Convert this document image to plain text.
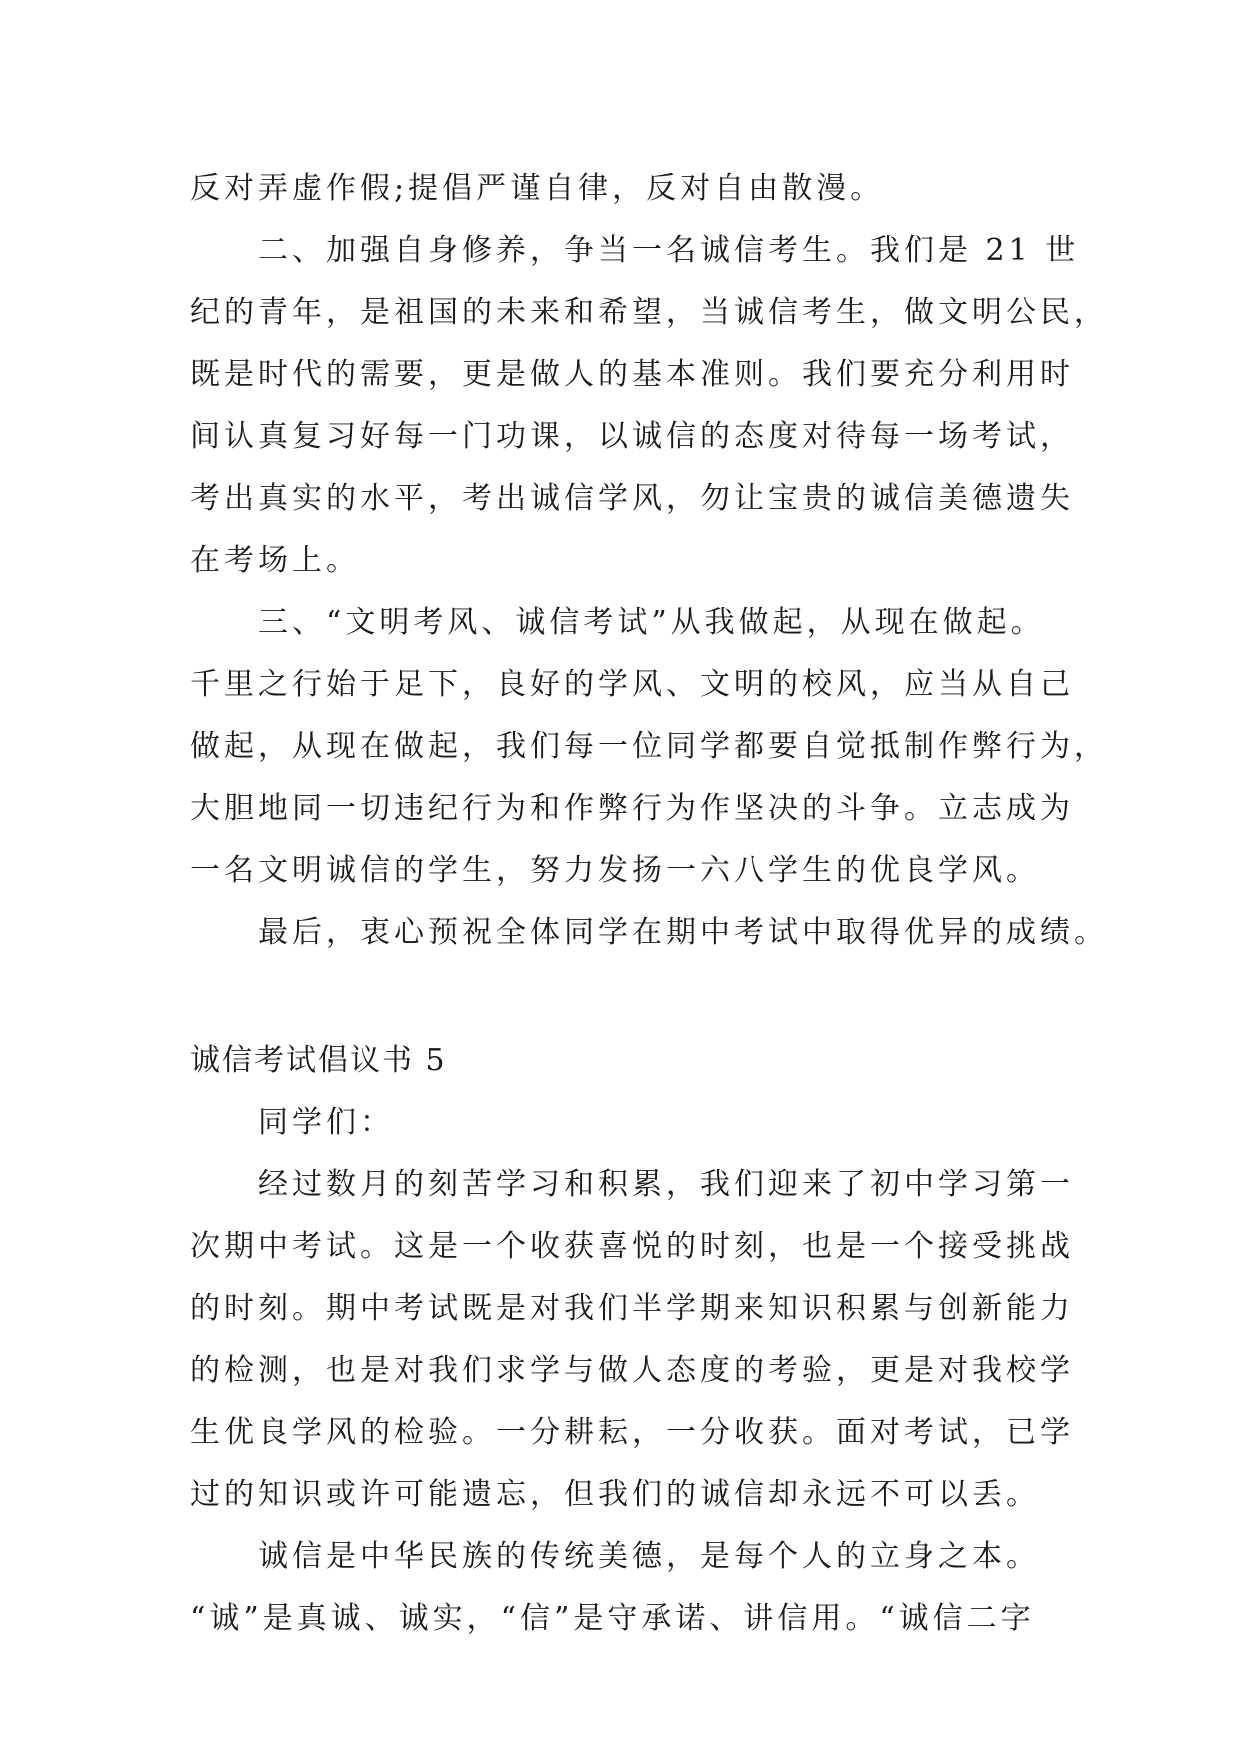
反对弄虚作假;提倡严谨自律，反对自由散漫。

　　二、加强自身修养，争当一名诚信考生。我们是 21 世

纪的青年，是祖国的未来和希望，当诚信考生，做文明公民，

既是时代的需要，更是做人的基本准则。我们要充分利用时

间认真复习好每一门功课，以诚信的态度对待每一场考试，

考出真实的水平，考出诚信学风，勿让宝贵的诚信美德遗失

在考场上。

　　三、“文明考风、诚信考试”从我做起，从现在做起。

千里之行始于足下，良好的学风、文明的校风，应当从自己

做起，从现在做起，我们每一位同学都要自觉抵制作弊行为，

大胆地同一切违纪行为和作弊行为作坚决的斗争。立志成为

一名文明诚信的学生，努力发扬一六八学生的优良学风。

　　最后，衷心预祝全体同学在期中考试中取得优异的成绩。

诚信考试倡议书 5

　　同学们：

　　经过数月的刻苦学习和积累，我们迎来了初中学习第一

次期中考试。这是一个收获喜悦的时刻，也是一个接受挑战

的时刻。期中考试既是对我们半学期来知识积累与创新能力

的检测，也是对我们求学与做人态度的考验，更是对我校学

生优良学风的检验。一分耕耘，一分收获。面对考试，已学

过的知识或许可能遗忘，但我们的诚信却永远不可以丢。

　　诚信是中华民族的传统美德，是每个人的立身之本。

“诚”是真诚、诚实，“信”是守承诺、讲信用。“诚信二字
